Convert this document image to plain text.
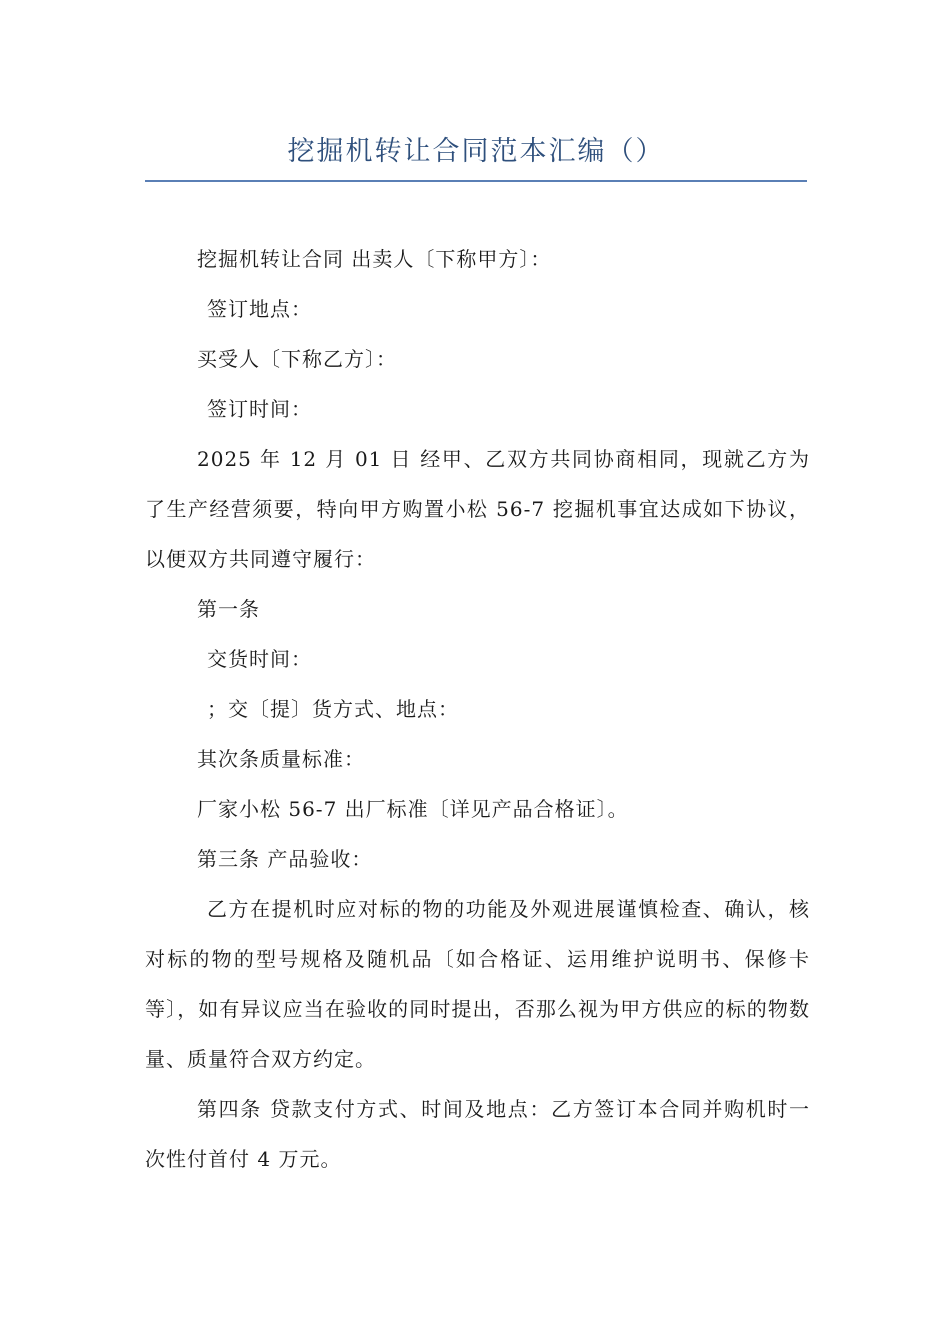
挖掘机转让合同范本汇编（）

挖掘机转让合同 出卖人〔下称甲方〕：

签订地点：

买受人〔下称乙方〕：

签订时间：

2025 年 12 月 01 日 经甲、乙双方共同协商相同，现就乙方为了生产经营须要，特向甲方购置小松 56-7 挖掘机事宜达成如下协议，以便双方共同遵守履行：

第一条

交货时间：

；交〔提〕货方式、地点：

其次条质量标准：

厂家小松 56-7 出厂标准〔详见产品合格证〕。

第三条 产品验收：

乙方在提机时应对标的物的功能及外观进展谨慎检查、确认，核对标的物的型号规格及随机品〔如合格证、运用维护说明书、保修卡等〕，如有异议应当在验收的同时提出，否那么视为甲方供应的标的物数量、质量符合双方约定。

第四条 贷款支付方式、时间及地点：乙方签订本合同并购机时一次性付首付 4 万元。
